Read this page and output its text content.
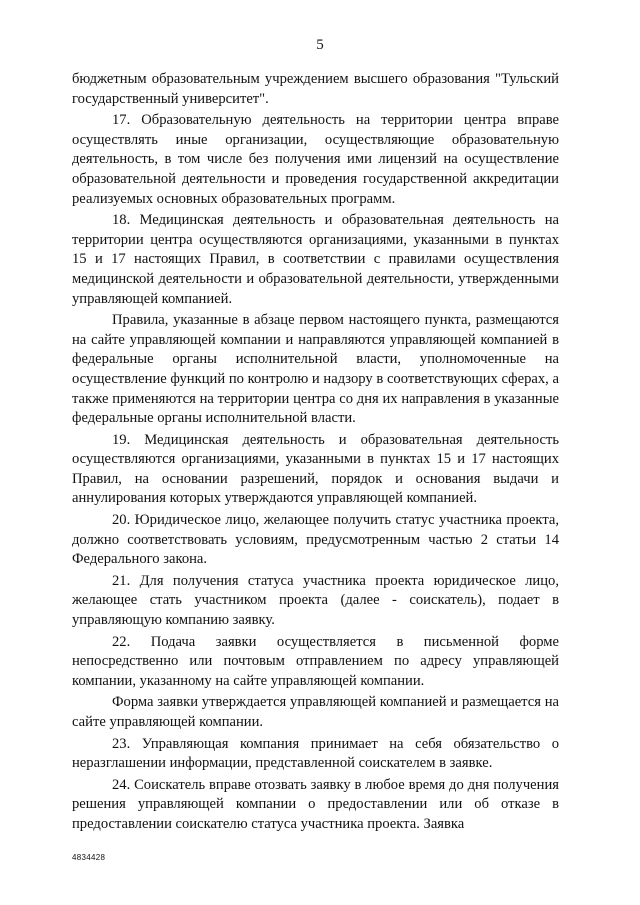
5

бюджетным образовательным учреждением высшего образования "Тульский государственный университет".

17. Образовательную деятельность на территории центра вправе осуществлять иные организации, осуществляющие образовательную деятельность, в том числе без получения ими лицензий на осуществление образовательной деятельности и проведения государственной аккредитации реализуемых основных образовательных программ.

18. Медицинская деятельность и образовательная деятельность на территории центра осуществляются организациями, указанными в пунктах 15 и 17 настоящих Правил, в соответствии с правилами осуществления медицинской деятельности и образовательной деятельности, утвержденными управляющей компанией.

Правила, указанные в абзаце первом настоящего пункта, размещаются на сайте управляющей компании и направляются управляющей компанией в федеральные органы исполнительной власти, уполномоченные на осуществление функций по контролю и надзору в соответствующих сферах, а также применяются на территории центра со дня их направления в указанные федеральные органы исполнительной власти.

19. Медицинская деятельность и образовательная деятельность осуществляются организациями, указанными в пунктах 15 и 17 настоящих Правил, на основании разрешений, порядок и основания выдачи и аннулирования которых утверждаются управляющей компанией.

20. Юридическое лицо, желающее получить статус участника проекта, должно соответствовать условиям, предусмотренным частью 2 статьи 14 Федерального закона.

21. Для получения статуса участника проекта юридическое лицо, желающее стать участником проекта (далее - соискатель), подает в управляющую компанию заявку.

22. Подача заявки осуществляется в письменной форме непосредственно или почтовым отправлением по адресу управляющей компании, указанному на сайте управляющей компании.

Форма заявки утверждается управляющей компанией и размещается на сайте управляющей компании.

23. Управляющая компания принимает на себя обязательство о неразглашении информации, представленной соискателем в заявке.

24. Соискатель вправе отозвать заявку в любое время до дня получения решения управляющей компании о предоставлении или об отказе в предоставлении соискателю статуса участника проекта. Заявка

4834428
